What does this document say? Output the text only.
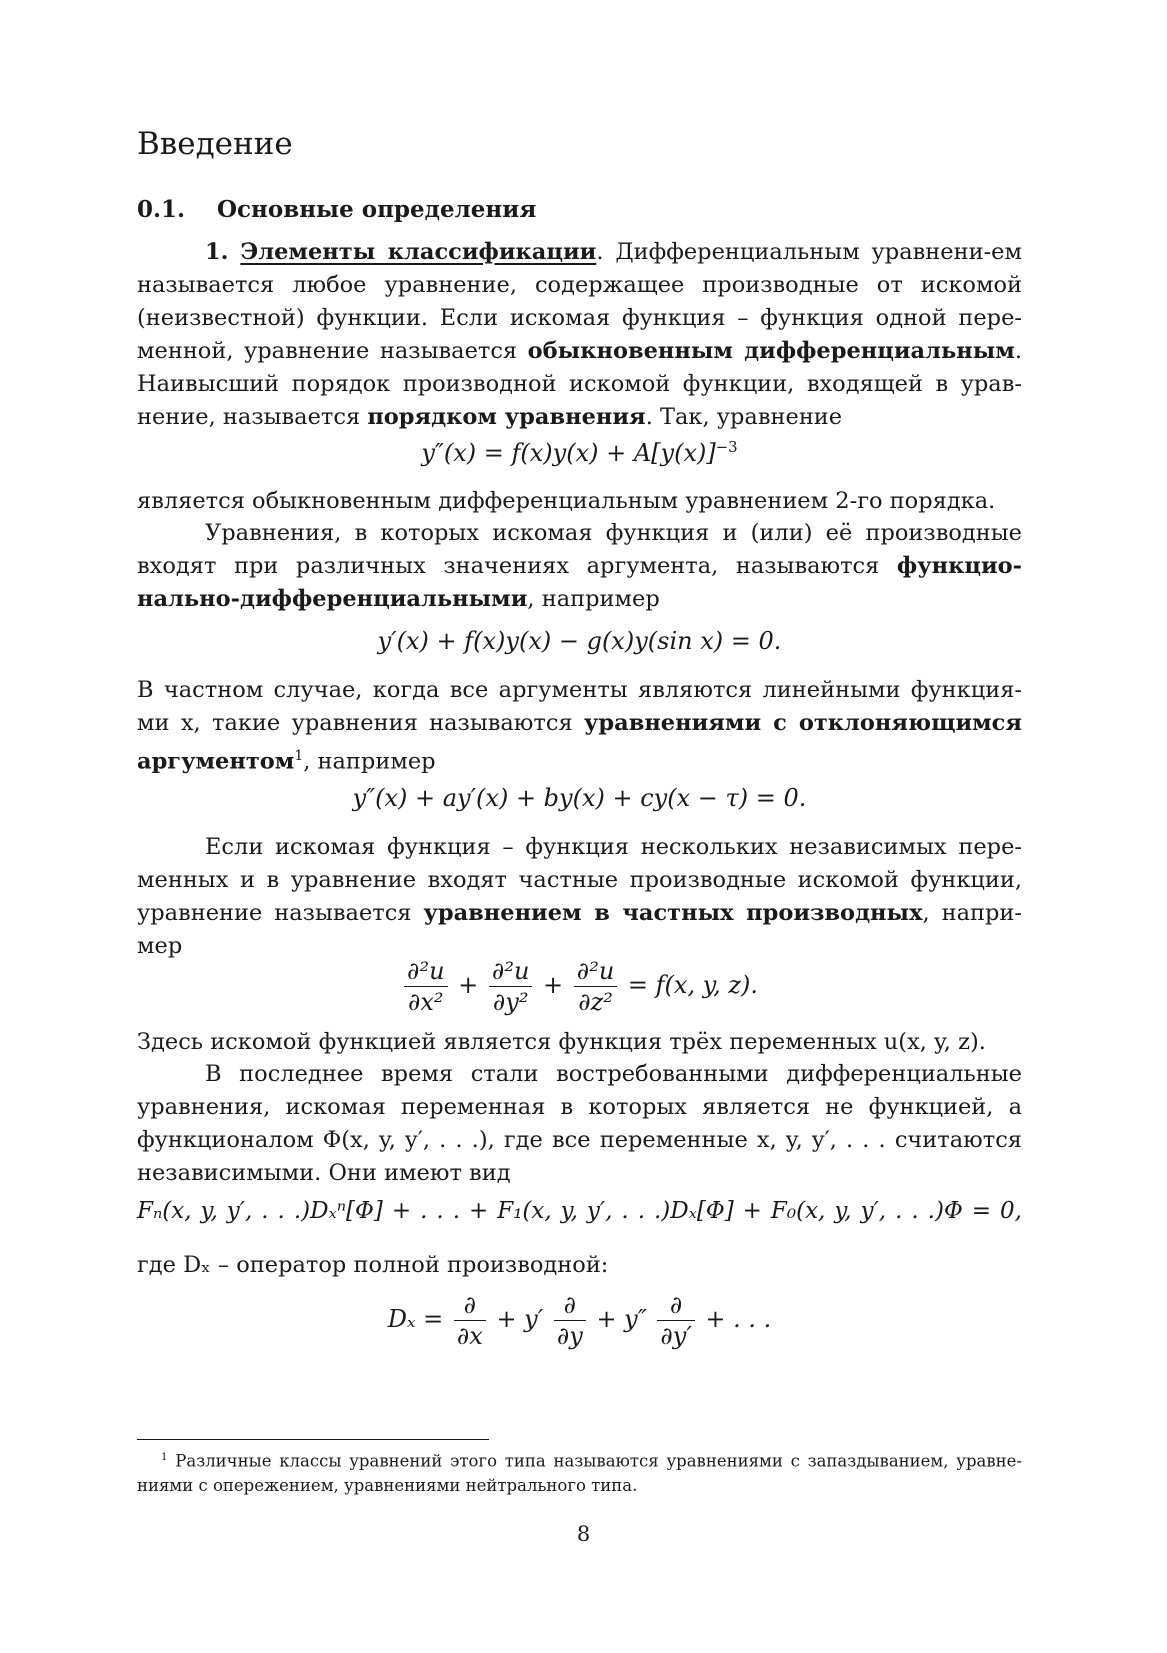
Введение
0.1. Основные определения

1. Элементы классификации. Дифференциальным уравнени-ем называется любое уравнение, содержащее производные от искомой (неизвестной) функции. Если искомая функция – функция одной пере-менной, уравнение называется обыкновенным дифференциальным. Наивысший порядок производной искомой функции, входящей в урав-нение, называется порядком уравнения. Так, уравнение

$y''(x) = f(x)y(x) + A[y(x)]^{-3}$

является обыкновенным дифференциальным уравнением 2-го порядка.

Уравнения, в которых искомая функция и (или) её производные входят при различных значениях аргумента, называются функцио-нально-дифференциальными, например

y′(x) + f(x)y(x) − g(x)y(sin x) = 0.

В частном случае, когда все аргументы являются линейными функция-ми x, такие уравнения называются уравнениями с отклоняющимся аргументом$^1$, например

y″(x) + ay′(x) + by(x) + cy(x − τ) = 0.

Если искомая функция – функция нескольких независимых пере-менных и в уравнение входят частные производные искомой функции, уравнение называется уравнением в частных производных, напри-мер

$\frac{\text{∂²u}}{\text{∂x²}} + \frac{\text{∂²u}}{\text{∂y²}} + \frac{\text{∂²u}}{\text{∂z²}} = f(x$, y, z).

Здесь искомой функцией является функция трёх переменных u(x, y, z).

В последнее время стали востребованными дифференциальные уравнения, искомая переменная в которых является не функцией, а функционалом Φ(x, y, y′, . . .), где все переменные x, y, y′, . . . считаются независимыми. Они имеют вид

Fₙ(x, y, y′, . . .)Dₓⁿ[Φ] + . . . + F₁(x, y, y′, . . .)Dₓ[Φ] + F₀(x, y, y′, . . .)Φ = 0,

где Dₓ – оператор полной производной:

$D_x = \frac{\partial}{\partial x} + y' \frac{\partial}{\partial y} + y'' \frac{\partial}{\partial y'}$ + . . .

$^1$ Различные классы уравнений этого типа называются уравнениями с запаздыванием, уравне-ниями с опережением, уравнениями нейтрального типа.

8
